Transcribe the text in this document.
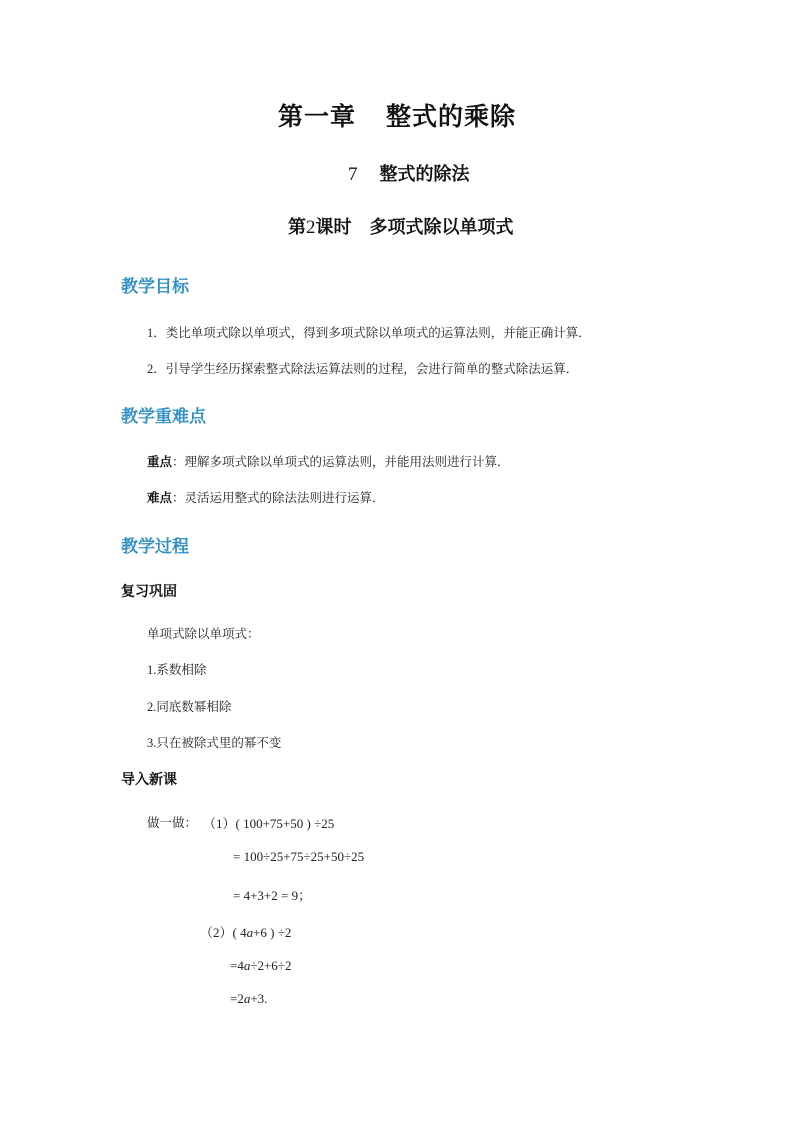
第一章 整式的乘除
7 整式的除法
第2课时 多项式除以单项式
教学目标
1．类比单项式除以单项式，得到多项式除以单项式的运算法则，并能正确计算．
2．引导学生经历探索整式除法运算法则的过程，会进行简单的整式除法运算．
教学重难点
重点：理解多项式除以单项式的运算法则，并能用法则进行计算．
难点：灵活运用整式的除法法则进行运算．
教学过程
复习巩固
单项式除以单项式：
1.系数相除
2.同底数幂相除
3.只在被除式里的幂不变
导入新课
做一做： （1）( 100+75+50 ) ÷25
= 100÷25+75÷25+50÷25
= 4+3+2 = 9；
（2）( 4a+6 ) ÷2
=4a÷2+6÷2
=2a+3.
